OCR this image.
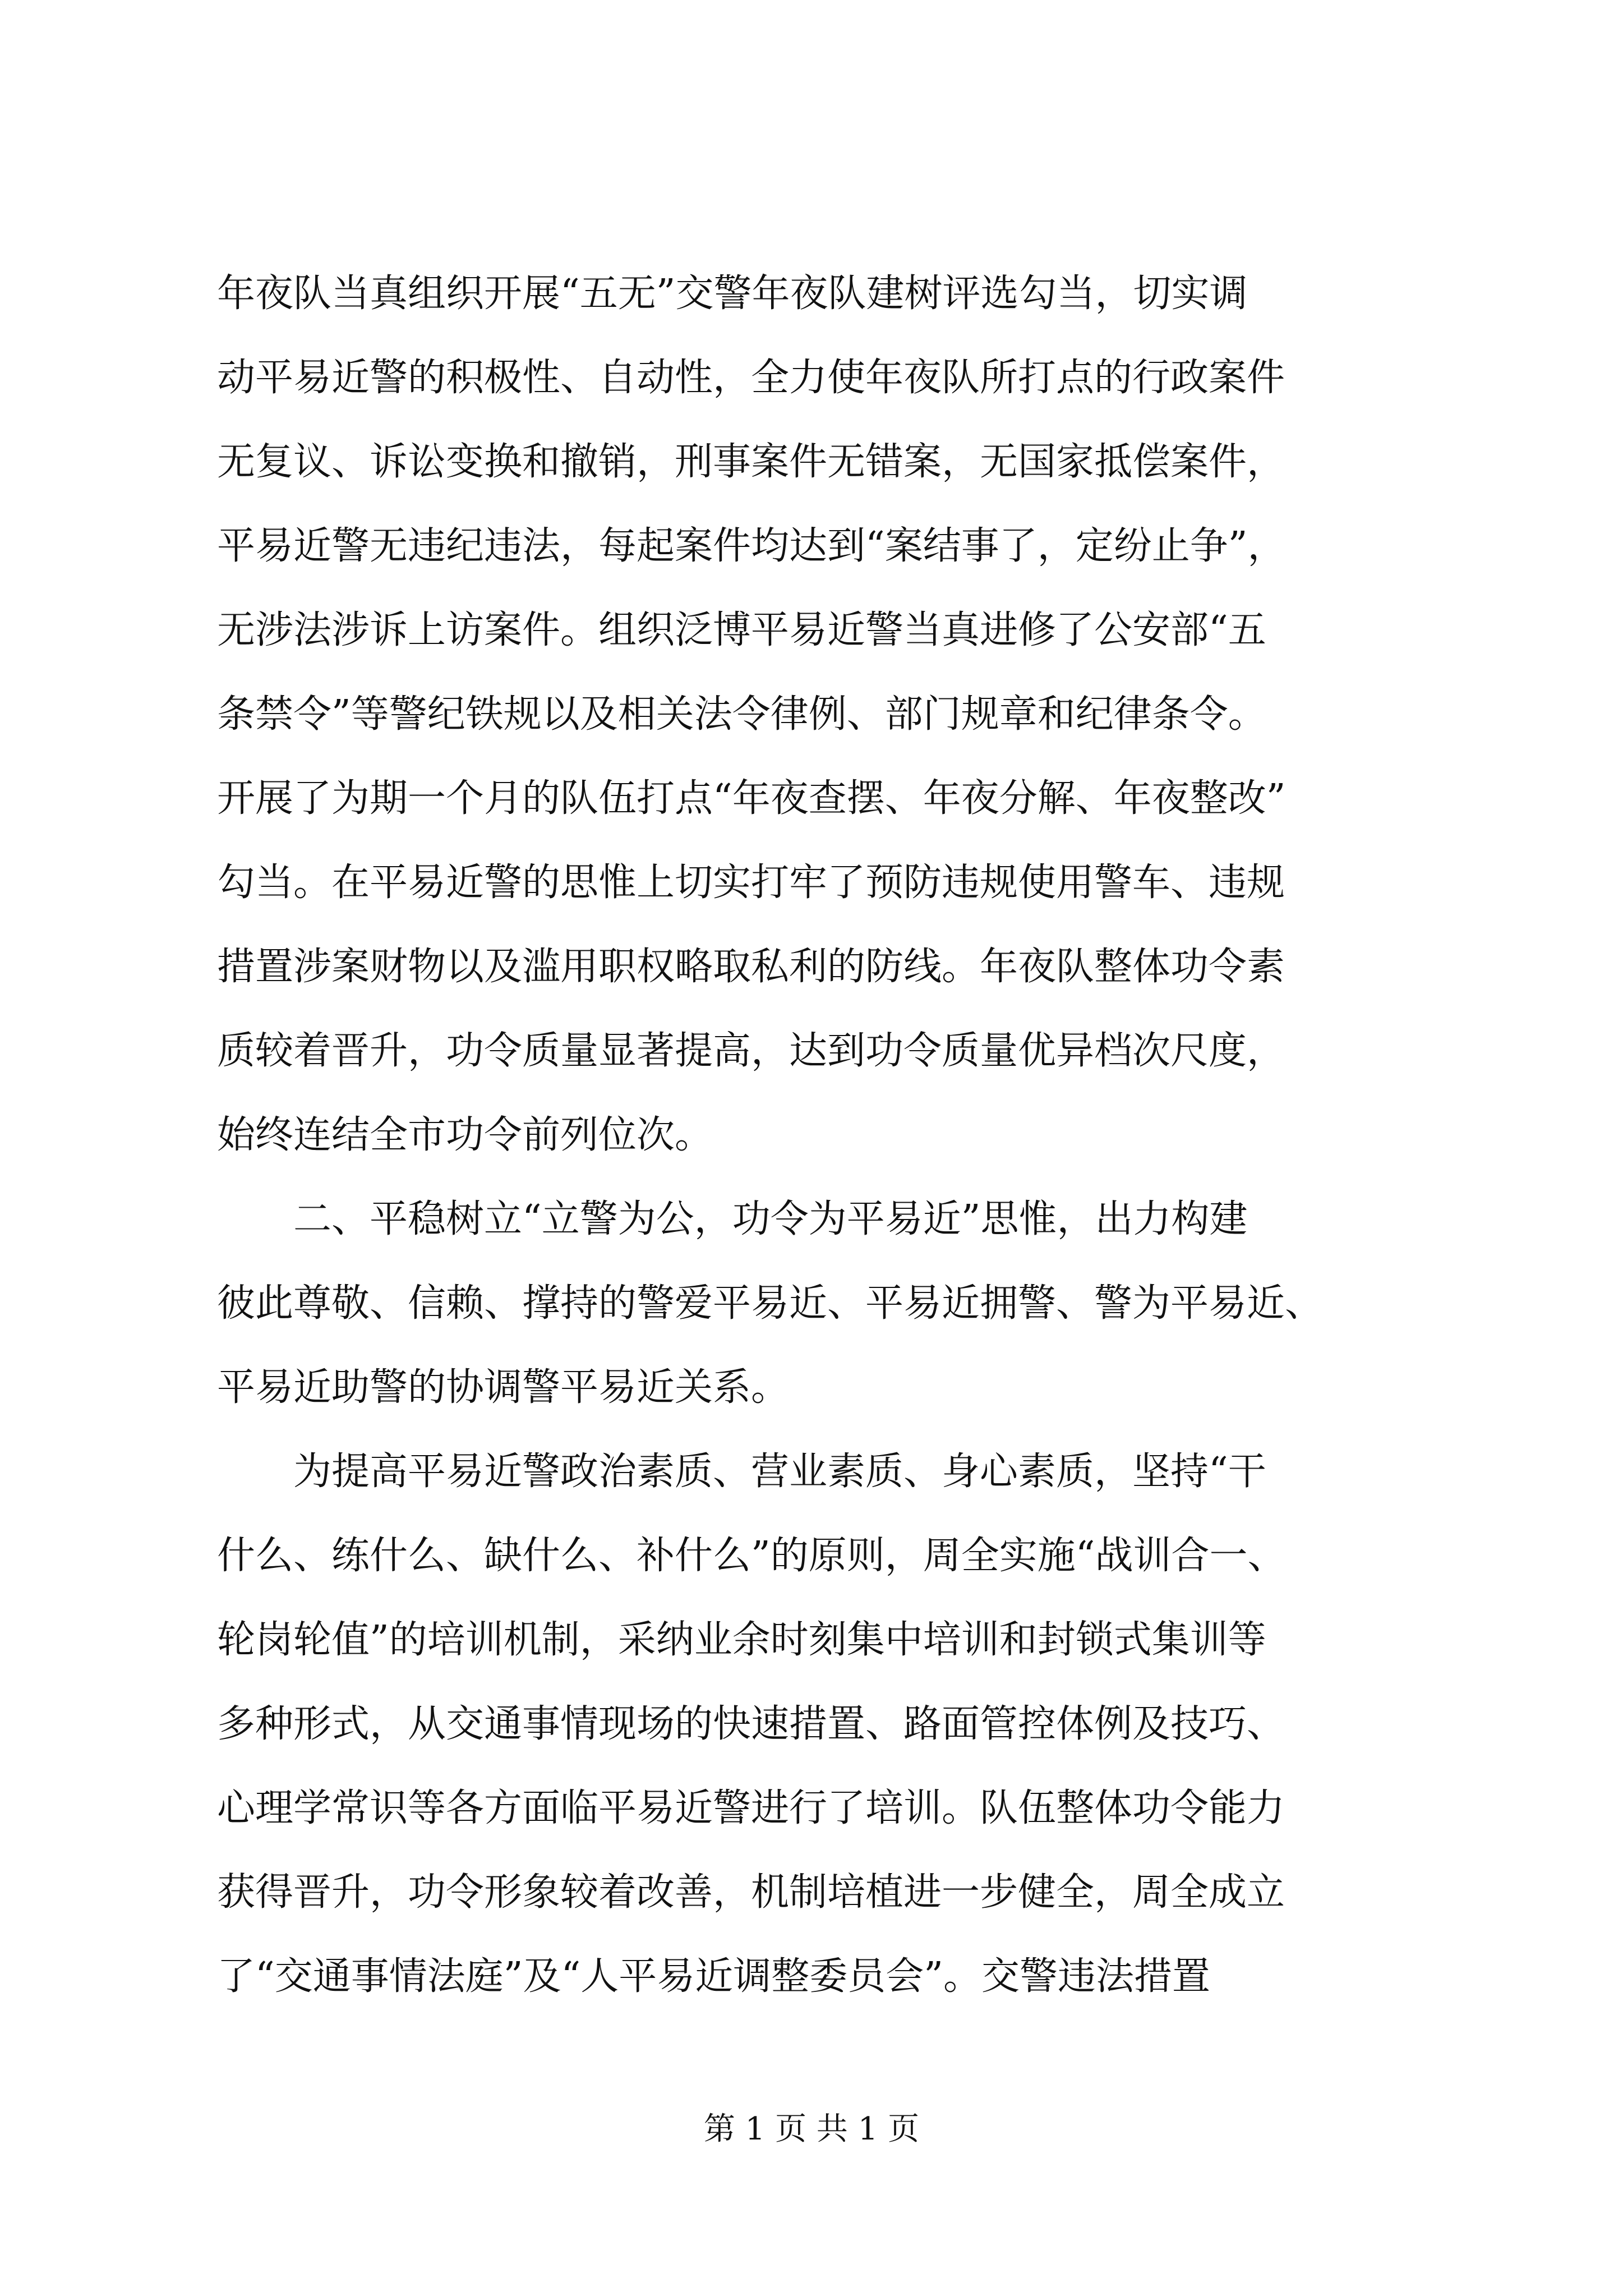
年夜队当真组织开展“五无”交警年夜队建树评选勾当，切实调
动平易近警的积极性、自动性，全力使年夜队所打点的行政案件
无复议、诉讼变换和撤销，刑事案件无错案，无国家抵偿案件，
平易近警无违纪违法，每起案件均达到“案结事了，定纷止争”，
无涉法涉诉上访案件。组织泛博平易近警当真进修了公安部“五
条禁令”等警纪铁规以及相关法令律例、部门规章和纪律条令。
开展了为期一个月的队伍打点“年夜查摆、年夜分解、年夜整改”
勾当。在平易近警的思惟上切实打牢了预防违规使用警车、违规
措置涉案财物以及滥用职权略取私利的防线。年夜队整体功令素
质较着晋升，功令质量显著提高，达到功令质量优异档次尺度，
始终连结全市功令前列位次。
　　二、平稳树立“立警为公，功令为平易近”思惟，出力构建
彼此尊敬、信赖、撑持的警爱平易近、平易近拥警、警为平易近、
平易近助警的协调警平易近关系。
　　为提高平易近警政治素质、营业素质、身心素质，坚持“干
什么、练什么、缺什么、补什么”的原则，周全实施“战训合一、
轮岗轮值”的培训机制，采纳业余时刻集中培训和封锁式集训等
多种形式，从交通事情现场的快速措置、路面管控体例及技巧、
心理学常识等各方面临平易近警进行了培训。队伍整体功令能力
获得晋升，功令形象较着改善，机制培植进一步健全，周全成立
了“交通事情法庭”及“人平易近调整委员会”。交警违法措置
第 1 页 共 1 页
